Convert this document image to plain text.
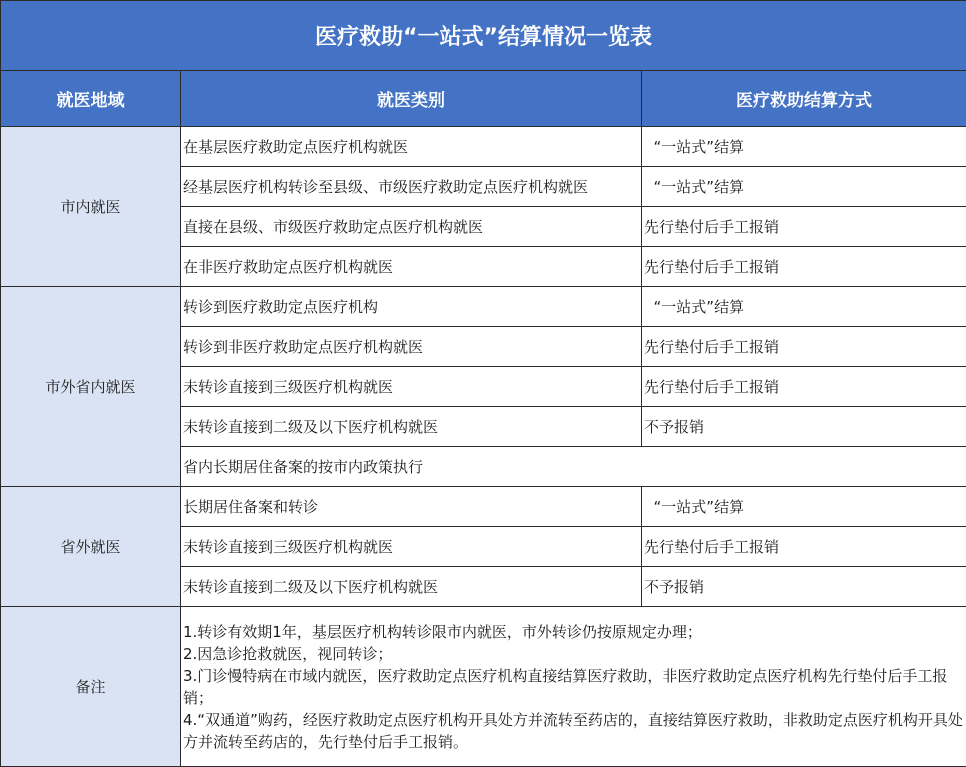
医疗救助“一站式”结算情况一览表		
就医地域	就医类别	医疗救助结算方式
市内就医	在基层医疗救助定点医疗机构就医	“一站式”结算
	经基层医疗机构转诊至县级、市级医疗救助定点医疗机构就医	“一站式”结算
	直接在县级、市级医疗救助定点医疗机构就医	先行垫付后手工报销
	在非医疗救助定点医疗机构就医	先行垫付后手工报销
市外省内就医	转诊到医疗救助定点医疗机构	“一站式”结算
	转诊到非医疗救助定点医疗机构就医	先行垫付后手工报销
	未转诊直接到三级医疗机构就医	先行垫付后手工报销
	未转诊直接到二级及以下医疗机构就医	不予报销
	省内长期居住备案的按市内政策执行	
省外就医	长期居住备案和转诊	“一站式”结算
	未转诊直接到三级医疗机构就医	先行垫付后手工报销
	未转诊直接到二级及以下医疗机构就医	不予报销
备注	1.转诊有效期1年，基层医疗机构转诊限市内就医，市外转诊仍按原规定办理；
2.因急诊抢救就医，视同转诊；
3.门诊慢特病在市域内就医，医疗救助定点医疗机构直接结算医疗救助，非医疗救助定点医疗机构先行垫付后手工报销；
4.“双通道”购药，经医疗救助定点医疗机构开具处方并流转至药店的，直接结算医疗救助，非救助定点医疗机构开具处方并流转至药店的，先行垫付后手工报销。	
